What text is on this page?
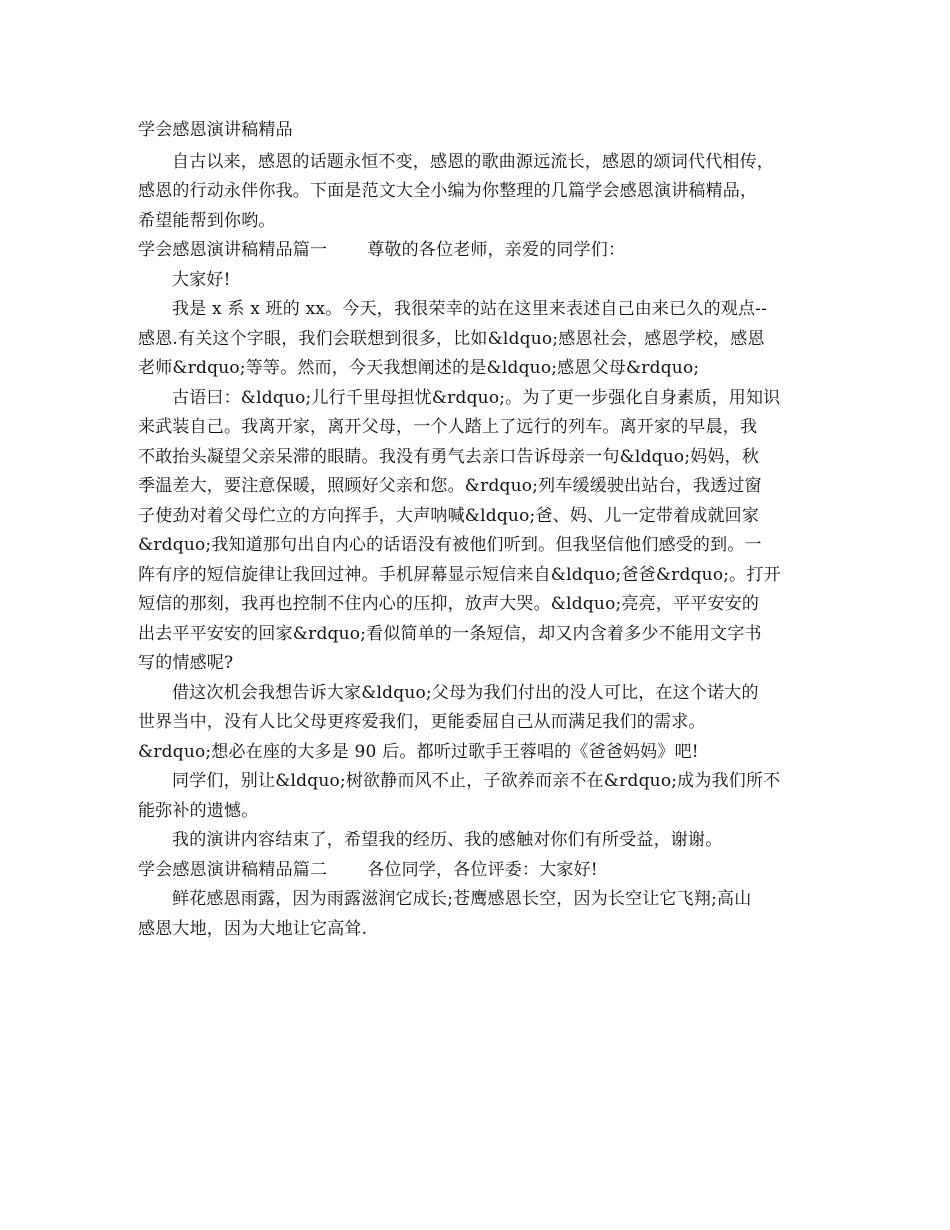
学会感恩演讲稿精品
自古以来，感恩的话题永恒不变，感恩的歌曲源远流长，感恩的颂词代代相传，
感恩的行动永伴你我。下面是范文大全小编为你整理的几篇学会感恩演讲稿精品，
希望能帮到你哟。
学会感恩演讲稿精品篇一 尊敬的各位老师，亲爱的同学们：
大家好!
我是 x 系 x 班的 xx。今天，我很荣幸的站在这里来表述自己由来已久的观点--
感恩.有关这个字眼，我们会联想到很多，比如&ldquo;感恩社会，感恩学校，感恩
老师&rdquo;等等。然而，今天我想阐述的是&ldquo;感恩父母&rdquo;
古语曰：&ldquo;儿行千里母担忧&rdquo;。为了更一步强化自身素质，用知识
来武装自己。我离开家，离开父母，一个人踏上了远行的列车。离开家的早晨，我
不敢抬头凝望父亲呆滞的眼睛。我没有勇气去亲口告诉母亲一句&ldquo;妈妈，秋
季温差大，要注意保暖，照顾好父亲和您。&rdquo;列车缓缓驶出站台，我透过窗
子使劲对着父母伫立的方向挥手，大声呐喊&ldquo;爸、妈、儿一定带着成就回家
&rdquo;我知道那句出自内心的话语没有被他们听到。但我坚信他们感受的到。一
阵有序的短信旋律让我回过神。手机屏幕显示短信来自&ldquo;爸爸&rdquo;。打开
短信的那刻，我再也控制不住内心的压抑，放声大哭。&ldquo;亮亮，平平安安的
出去平平安安的回家&rdquo;看似简单的一条短信，却又内含着多少不能用文字书
写的情感呢?
借这次机会我想告诉大家&ldquo;父母为我们付出的没人可比，在这个诺大的
世界当中，没有人比父母更疼爱我们，更能委屈自己从而满足我们的需求。
&rdquo;想必在座的大多是 90 后。都听过歌手王蓉唱的《爸爸妈妈》吧!
同学们，别让&ldquo;树欲静而风不止，子欲养而亲不在&rdquo;成为我们所不
能弥补的遗憾。
我的演讲内容结束了，希望我的经历、我的感触对你们有所受益，谢谢。
学会感恩演讲稿精品篇二 各位同学，各位评委：大家好!
鲜花感恩雨露，因为雨露滋润它成长;苍鹰感恩长空，因为长空让它飞翔;高山
感恩大地，因为大地让它高耸.
